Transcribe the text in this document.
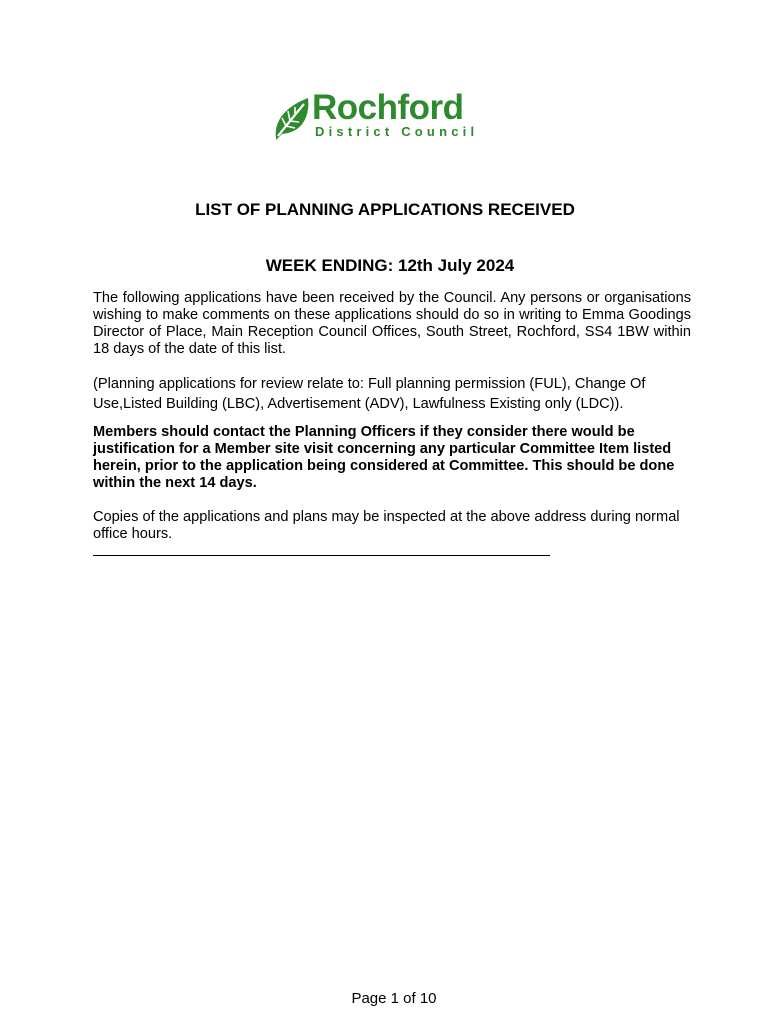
Rochford
District Council
LIST OF PLANNING APPLICATIONS RECEIVED
WEEK ENDING: 12th July 2024
The following applications have been received by the Council. Any persons or organisations wishing to make comments on these applications should do so in writing to Emma Goodings Director of Place, Main Reception Council Offices, South Street, Rochford, SS4 1BW within 18 days of the date of this list.
(Planning applications for review relate to: Full planning permission (FUL), Change Of Use,Listed Building (LBC), Advertisement (ADV), Lawfulness Existing only (LDC)).
Members should contact the Planning Officers if they consider there would be justification for a Member site visit concerning any particular Committee Item listed herein, prior to the application being considered at Committee. This should be done within the next 14 days.
Copies of the applications and plans may be inspected at the above address during normal office hours.
Page 1 of 10
